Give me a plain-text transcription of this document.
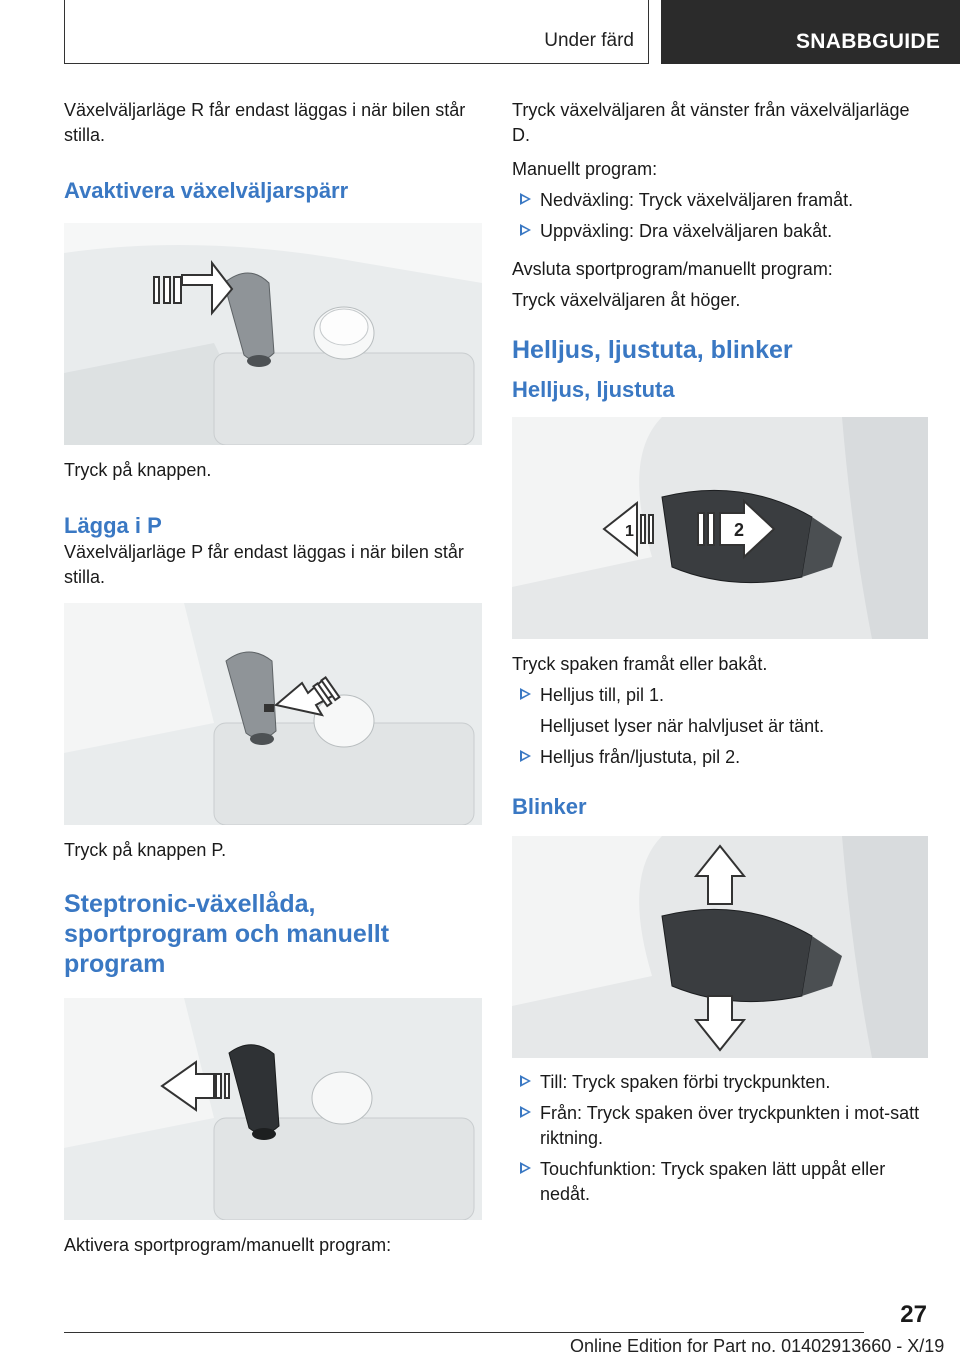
Under färd	SNABBGUIDE

Växelväljarläge R får endast läggas i när bilen står stilla.

Avaktivera växelväljarspärr

Tryck på knappen.

Lägga i P

Växelväljarläge P får endast läggas i när bilen står stilla.

Tryck på knappen P.

Steptronic-växellåda, sportprogram och manuellt program

Aktivera sportprogram/manuellt program:

Tryck växelväljaren åt vänster från växelväljarläge D.

Manuellt program:

Nedväxling: Tryck växelväljaren framåt.
Uppväxling: Dra växelväljaren bakåt.

Avsluta sportprogram/manuellt program:

Tryck växelväljaren åt höger.

Helljus, ljustuta, blinker
Helljus, ljustuta
1	2

Tryck spaken framåt eller bakåt.

Helljus till, pil 1.
Helljuset lyser när halvljuset är tänt.
Helljus från/ljustuta, pil 2.
Blinker
Till: Tryck spaken förbi tryckpunkten.
Från: Tryck spaken över tryckpunkten i mot-satt riktning.
Touchfunktion: Tryck spaken lätt uppåt eller nedåt.
27
Online Edition for Part no. 01402913660 - X/19
